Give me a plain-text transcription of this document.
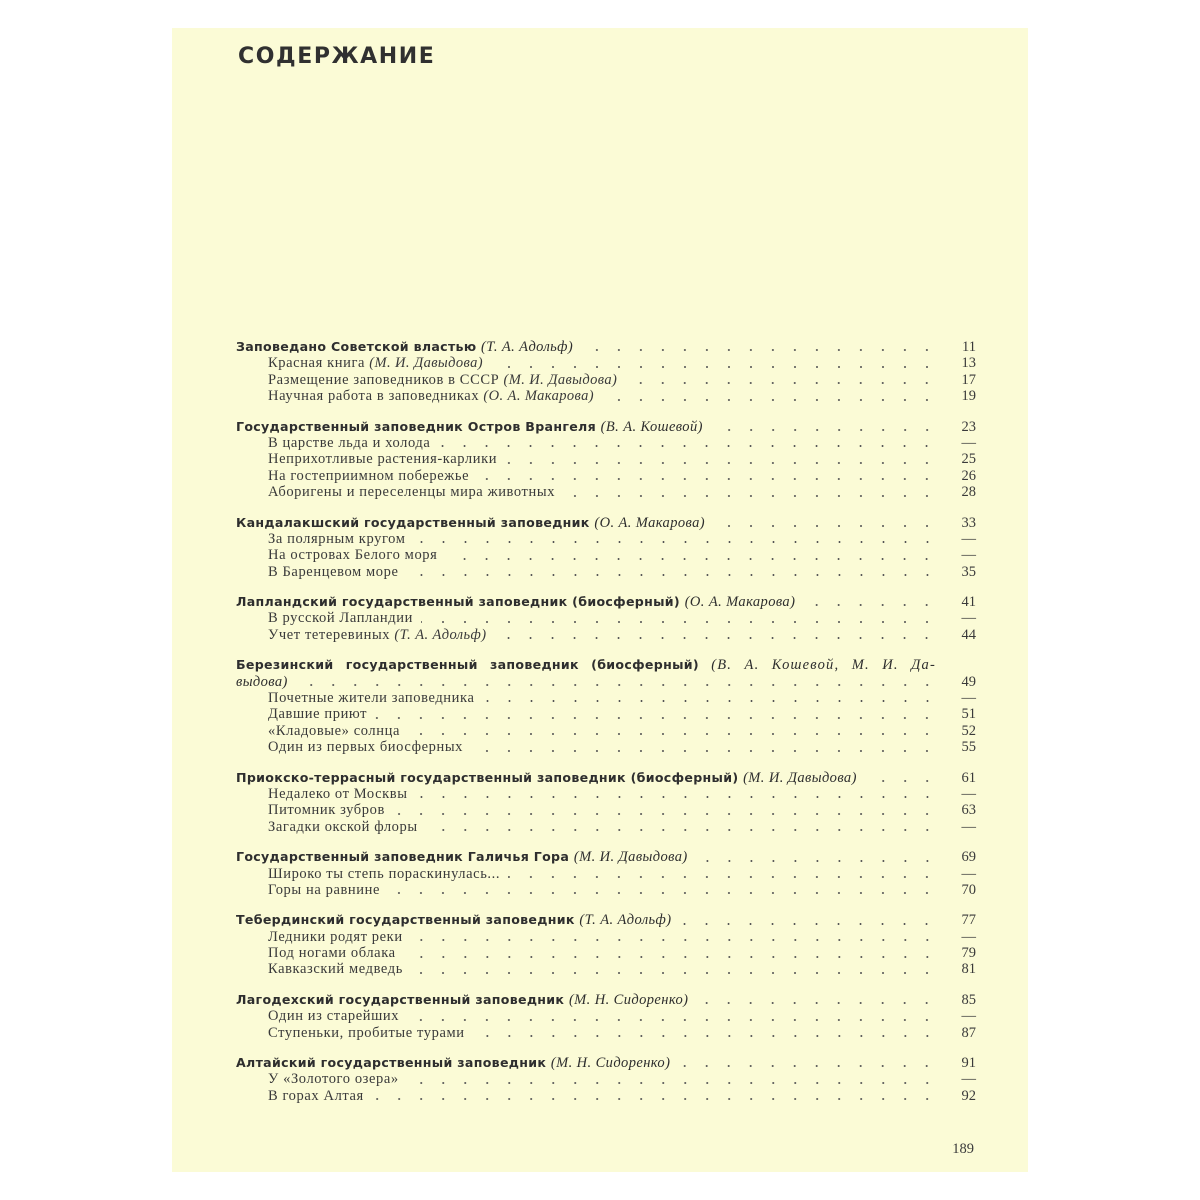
СОДЕРЖАНИЕ
Заповедано Советской властью (Т. А. Адольф)	11
Красная книга (М. И. Давыдова)	13
Размещение заповедников в СССР (М. И. Давыдова)	17
Научная работа в заповедниках (О. А. Макарова)	19
Государственный заповедник Остров Врангеля (В. А. Кошевой)	23
В царстве льда и холода	—
Неприхотливые растения-карлики	25
На гостеприимном побережье	26
Аборигены и переселенцы мира животных	28
Кандалакшский государственный заповедник (О. А. Макарова)	33
За полярным кругом	—
На островах Белого моря	—
В Баренцевом море	35
Лапландский государственный заповедник (биосферный) (О. А. Макарова)	41
В русской Лапландии	—
Учет тетеревиных (Т. А. Адольф)	44
Березинский государственный заповедник (биосферный) (В. А. Кошевой, М. И. Да-
выдова)	49
Почетные жители заповедника	—
Давшие приют	51
«Кладовые» солнца	52
Один из первых биосферных	55
Приокско-террасный государственный заповедник (биосферный) (М. И. Давыдова)	61
Недалеко от Москвы	—
Питомник зубров	63
Загадки окской флоры	—
Государственный заповедник Галичья Гора (М. И. Давыдова)	69
Широко ты степь пораскинулась...	—
Горы на равнине	70
Тебердинский государственный заповедник (Т. А. Адольф)	77
Ледники родят реки	—
Под ногами облака	79
Кавказский медведь	81
Лагодехский государственный заповедник (М. Н. Сидоренко)	85
Один из старейших	—
Ступеньки, пробитые турами	87
Алтайский государственный заповедник (М. Н. Сидоренко)	91
У «Золотого озера»	—
В горах Алтая	92
189
